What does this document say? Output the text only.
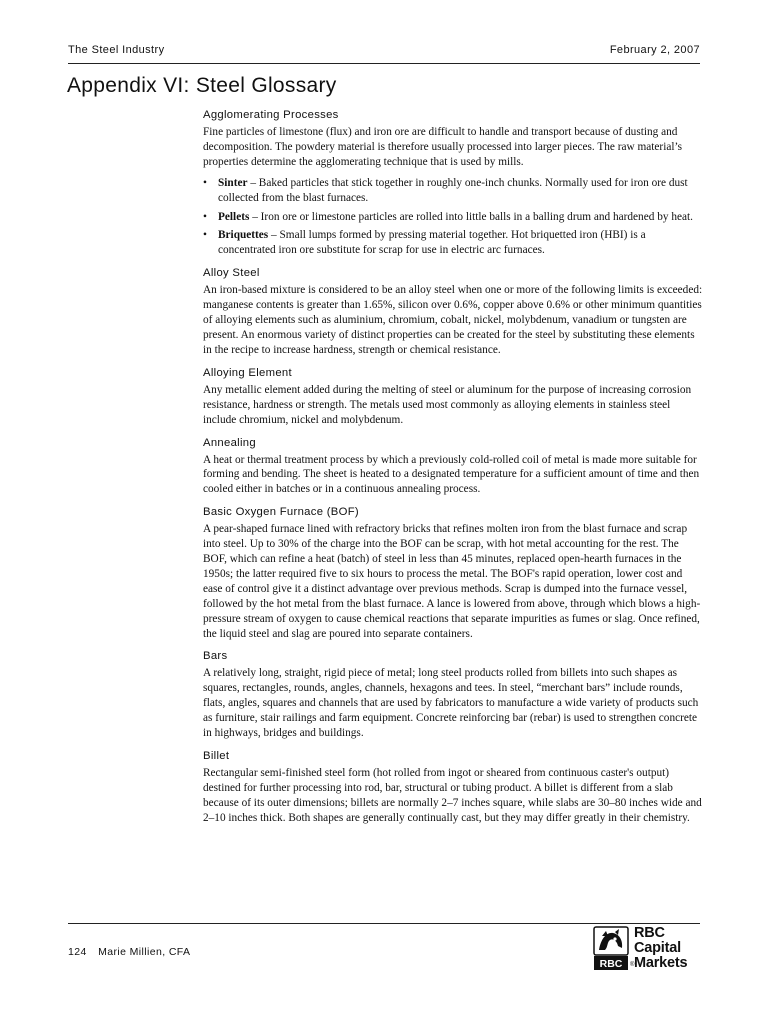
The Steel Industry	February 2, 2007
Appendix VI: Steel Glossary
Agglomerating Processes

Fine particles of limestone (flux) and iron ore are difficult to handle and transport because of dusting and decomposition. The powdery material is therefore usually processed into larger pieces. The raw material’s properties determine the agglomerating technique that is used by mills.

• Sinter – Baked particles that stick together in roughly one-inch chunks. Normally used for iron ore dust collected from the blast furnaces.
• Pellets – Iron ore or limestone particles are rolled into little balls in a balling drum and hardened by heat.
• Briquettes – Small lumps formed by pressing material together. Hot briquetted iron (HBI) is a concentrated iron ore substitute for scrap for use in electric arc furnaces.
Alloy Steel

An iron-based mixture is considered to be an alloy steel when one or more of the following limits is exceeded: manganese contents is greater than 1.65%, silicon over 0.6%, copper above 0.6% or other minimum quantities of alloying elements such as aluminium, chromium, cobalt, nickel, molybdenum, vanadium or tungsten are present. An enormous variety of distinct properties can be created for the steel by substituting these elements in the recipe to increase hardness, strength or chemical resistance.

Alloying Element

Any metallic element added during the melting of steel or aluminum for the purpose of increasing corrosion resistance, hardness or strength. The metals used most commonly as alloying elements in stainless steel include chromium, nickel and molybdenum.

Annealing

A heat or thermal treatment process by which a previously cold-rolled coil of metal is made more suitable for forming and bending. The sheet is heated to a designated temperature for a sufficient amount of time and then cooled either in batches or in a continuous annealing process.

Basic Oxygen Furnace (BOF)

A pear-shaped furnace lined with refractory bricks that refines molten iron from the blast furnace and scrap into steel. Up to 30% of the charge into the BOF can be scrap, with hot metal accounting for the rest. The BOF, which can refine a heat (batch) of steel in less than 45 minutes, replaced open-hearth furnaces in the 1950s; the latter required five to six hours to process the metal. The BOF's rapid operation, lower cost and ease of control give it a distinct advantage over previous methods. Scrap is dumped into the furnace vessel, followed by the hot metal from the blast furnace. A lance is lowered from above, through which blows a high-pressure stream of oxygen to cause chemical reactions that separate impurities as fumes or slag. Once refined, the liquid steel and slag are poured into separate containers.

Bars

A relatively long, straight, rigid piece of metal; long steel products rolled from billets into such shapes as squares, rectangles, rounds, angles, channels, hexagons and tees. In steel, “merchant bars” include rounds, flats, angles, squares and channels that are used by fabricators to manufacture a wide variety of products such as furniture, stair railings and farm equipment. Concrete reinforcing bar (rebar) is used to strengthen concrete in highways, bridges and buildings.

Billet

Rectangular semi-finished steel form (hot rolled from ingot or sheared from continuous caster's output) destined for further processing into rod, bar, structural or tubing product. A billet is different from a slab because of its outer dimensions; billets are normally 2–7 inches square, while slabs are 30–80 inches wide and 2–10 inches thick. Both shapes are generally continually cast, but they may differ greatly in their chemistry.

124 Marie Millien, CFA
RBC
RBC
Capital
Markets
®
